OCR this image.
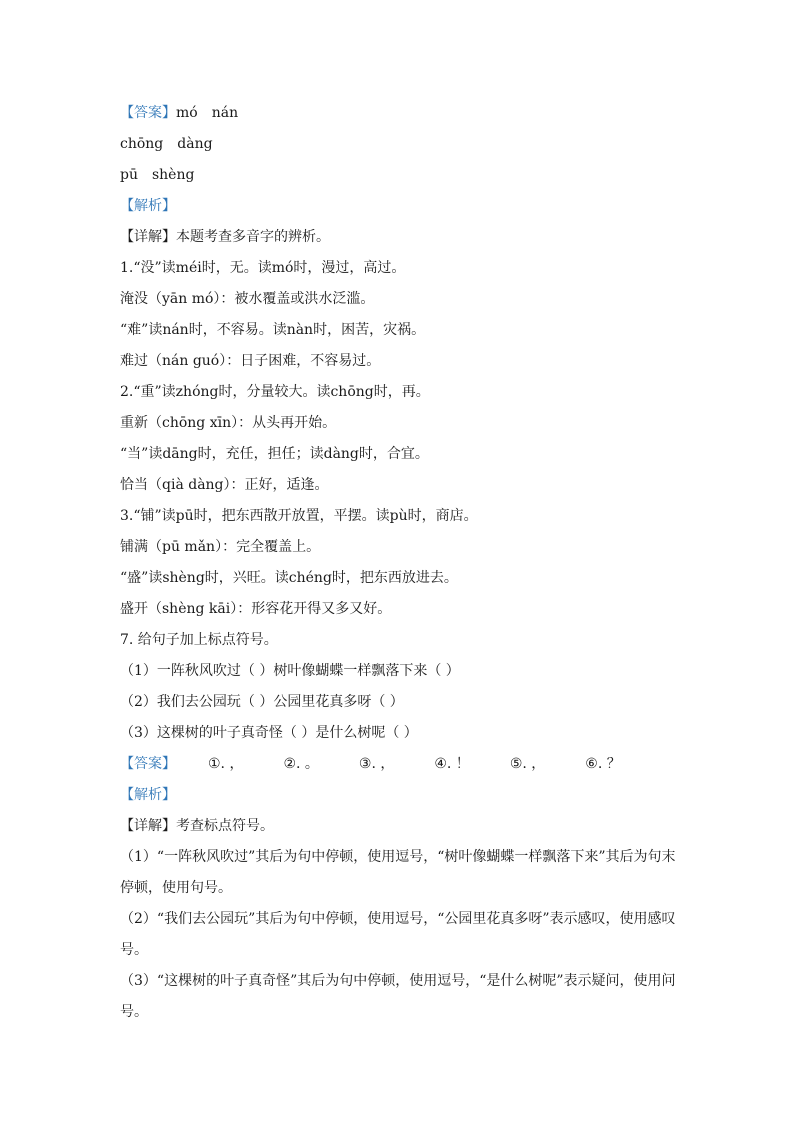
【答案】mó nán
chōng dàng
pū shèng
【解析】
【详解】本题考查多音字的辨析。
1.“没”读méi时，无。读mó时，漫过，高过。
淹没（yān mó）：被水覆盖或洪水泛滥。
“难”读nán时，不容易。读nàn时，困苦，灾祸。
难过（nán guó）：日子困难，不容易过。
2.“重”读zhóng时，分量较大。读chōng时，再。
重新（chōng xīn）：从头再开始。
“当”读dāng时，充任，担任；读dàng时，合宜。
恰当（qià dàng）：正好，适逢。
3.“铺”读pū时，把东西散开放置，平摆。读pù时，商店。
铺满（pū mǎn）：完全覆盖上。
“盛”读shèng时，兴旺。读chéng时，把东西放进去。
盛开（shèng kāi）：形容花开得又多又好。
7. 给句子加上标点符号。
（1）一阵秋风吹过（ ）树叶像蝴蝶一样飘落下来（ ）
（2）我们去公园玩（ ）公园里花真多呀（ ）
（3）这棵树的叶子真奇怪（ ）是什么树呢（ ）
【答案】 ①. ，	②. 。	③. ，	④. ！	⑤. ，	⑥. ？
【解析】
【详解】考查标点符号。
（1）“一阵秋风吹过”其后为句中停顿，使用逗号，“树叶像蝴蝶一样飘落下来”其后为句末停顿，使用句号。
（2）“我们去公园玩”其后为句中停顿，使用逗号，“公园里花真多呀”表示感叹，使用感叹号。
（3）“这棵树的叶子真奇怪”其后为句中停顿，使用逗号，“是什么树呢”表示疑问，使用问号。
